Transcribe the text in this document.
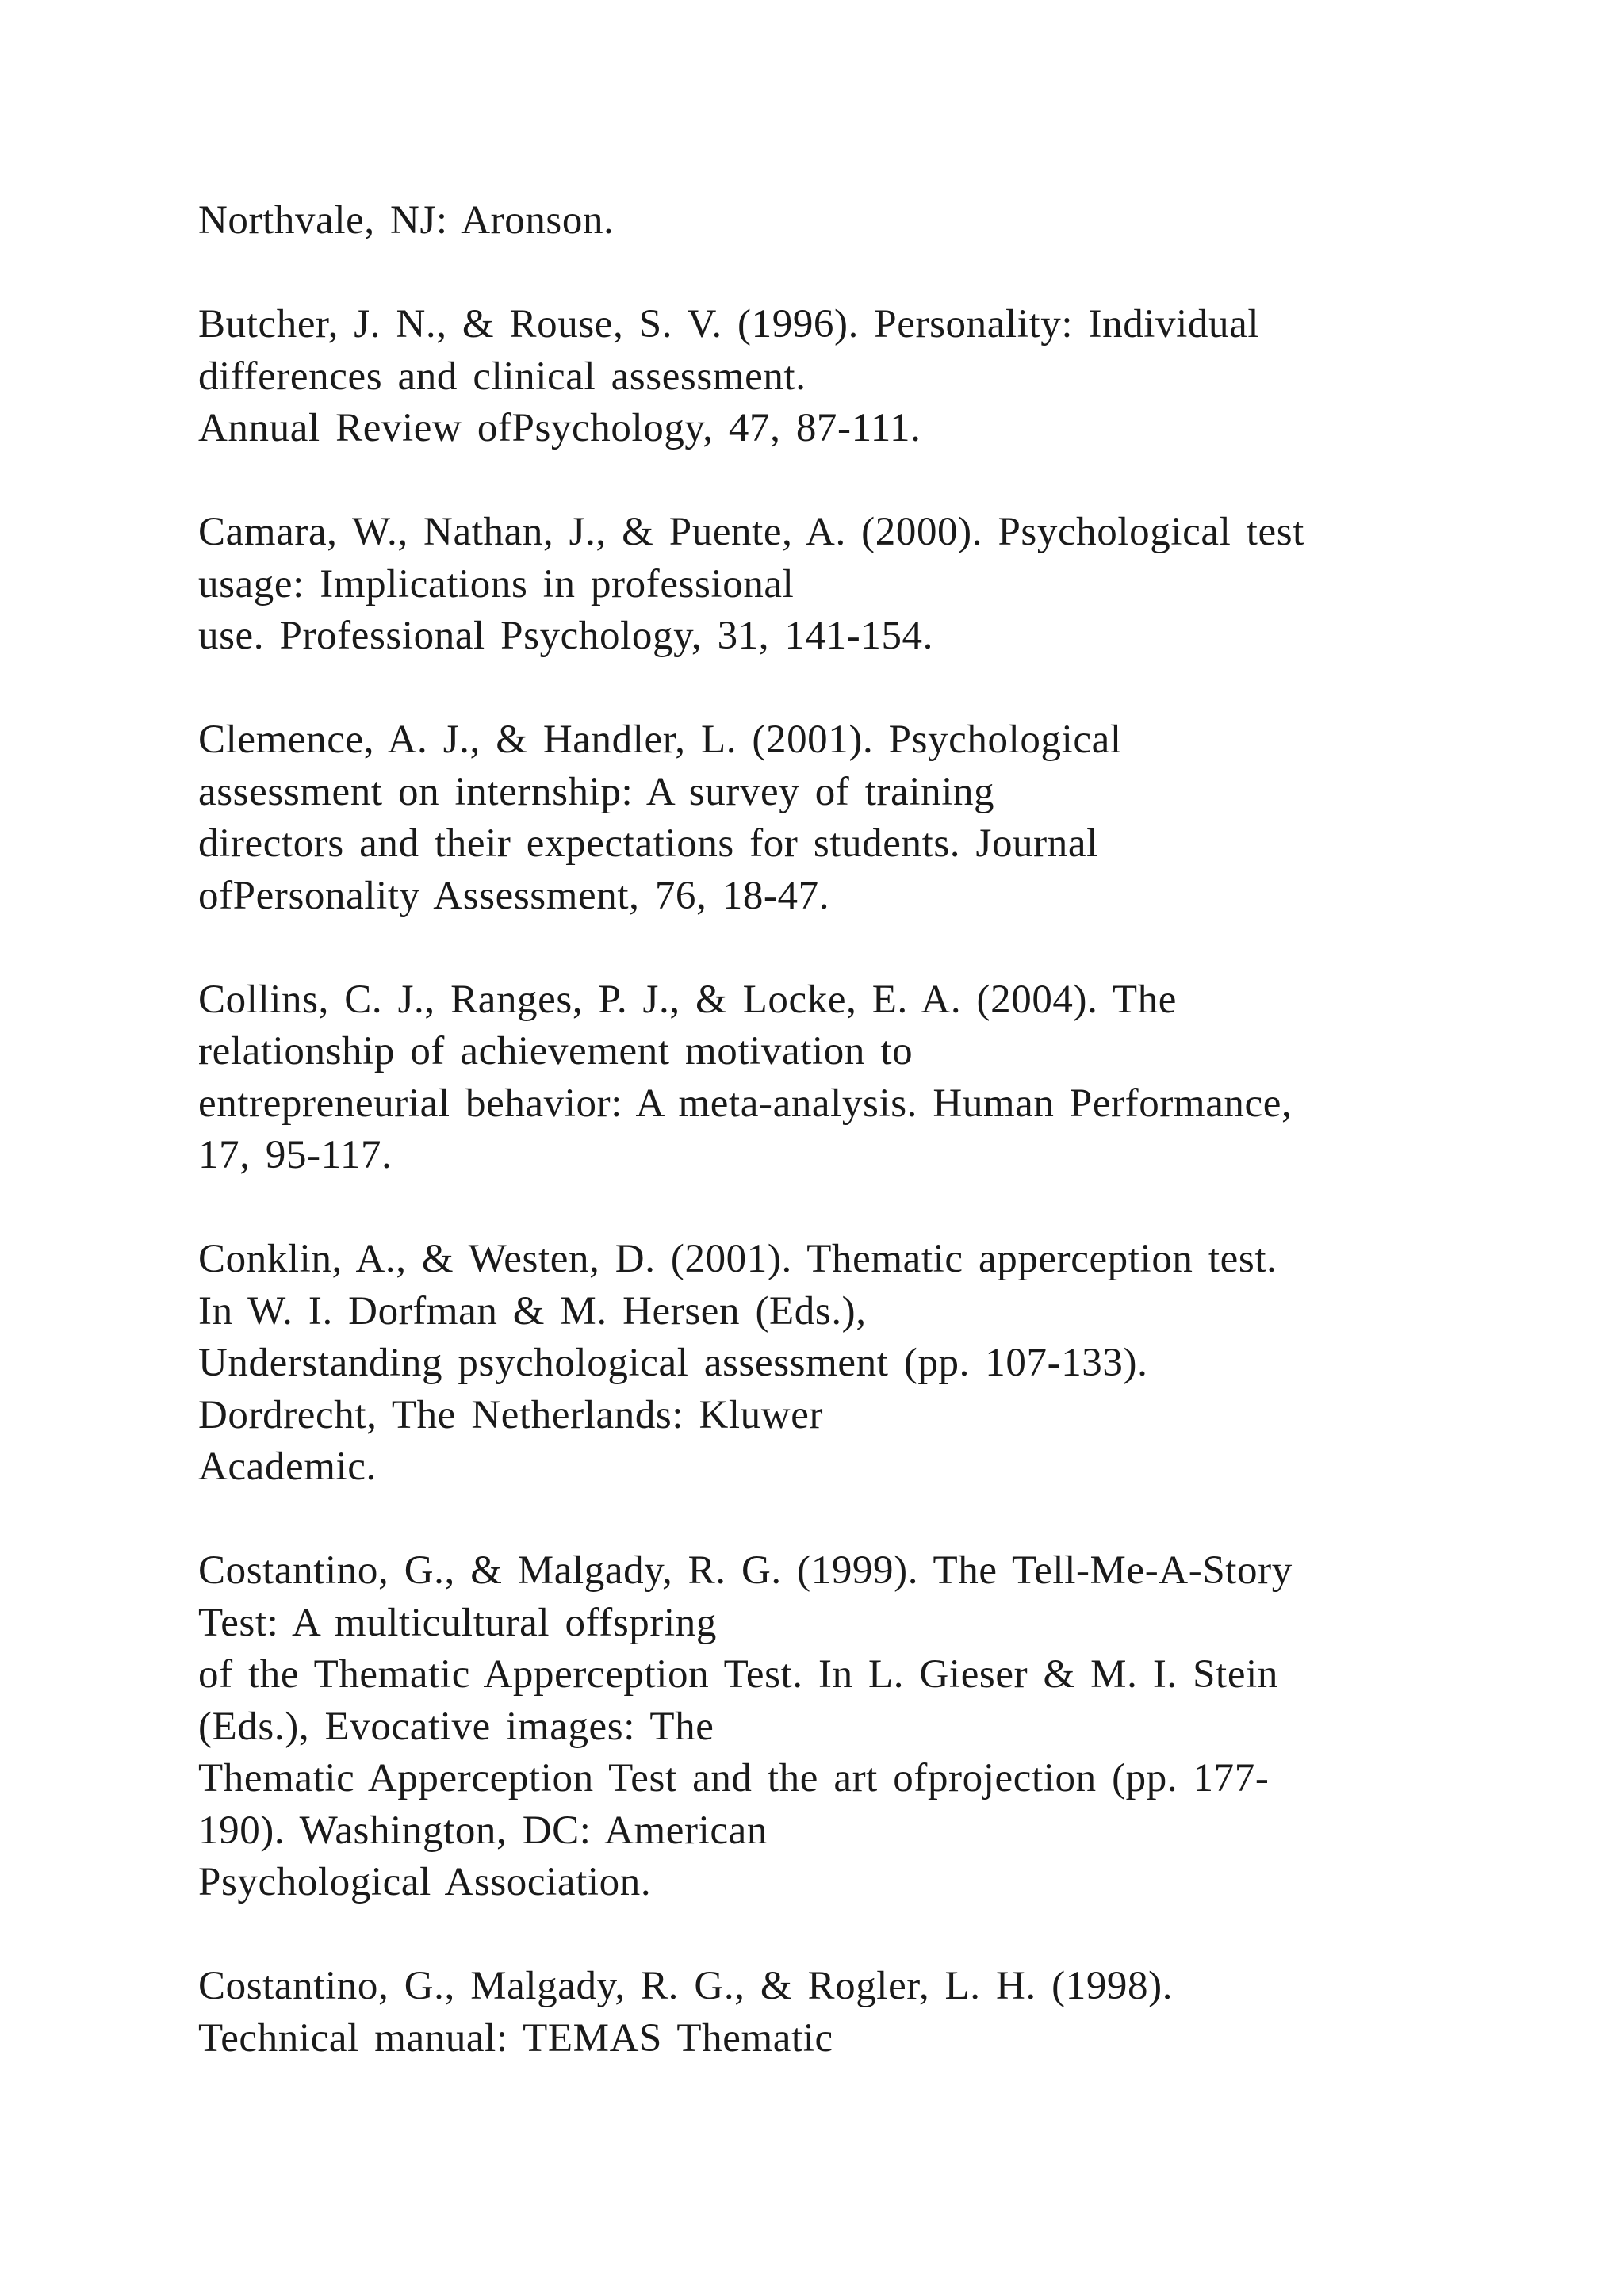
Northvale, NJ: Aronson.
Butcher, J. N., & Rouse, S. V. (1996). Personality: Individual
differences and clinical assessment.
Annual Review ofPsychology, 47, 87-111.
Camara, W., Nathan, J., & Puente, A. (2000). Psychological test
usage: Implications in professional
use. Professional Psychology, 31, 141-154.
Clemence, A. J., & Handler, L. (2001). Psychological
assessment on internship: A survey of training
directors and their expectations for students. Journal
ofPersonality Assessment, 76, 18-47.
Collins, C. J., Ranges, P. J., & Locke, E. A. (2004). The
relationship of achievement motivation to
entrepreneurial behavior: A meta-analysis. Human Performance,
17, 95-117.
Conklin, A., & Westen, D. (2001). Thematic apperception test.
In W. I. Dorfman & M. Hersen (Eds.),
Understanding psychological assessment (pp. 107-133).
Dordrecht, The Netherlands: Kluwer
Academic.
Costantino, G., & Malgady, R. G. (1999). The Tell-Me-A-Story
Test: A multicultural offspring
of the Thematic Apperception Test. In L. Gieser & M. I. Stein
(Eds.), Evocative images: The
Thematic Apperception Test and the art ofprojection (pp. 177-
190). Washington, DC: American
Psychological Association.
Costantino, G., Malgady, R. G., & Rogler, L. H. (1998).
Technical manual: TEMAS Thematic
